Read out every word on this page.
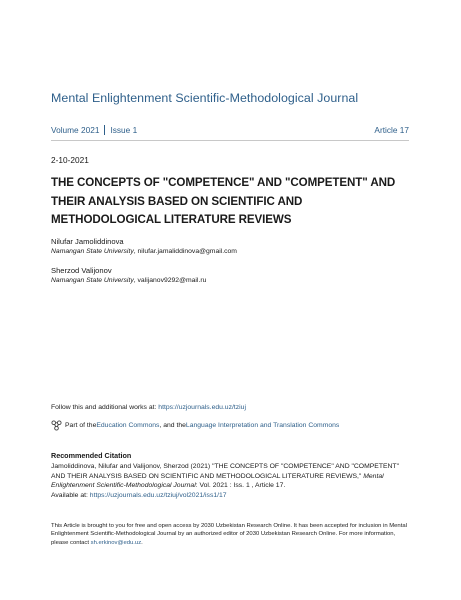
Mental Enlightenment Scientific-Methodological Journal
Volume 2021 Issue 1	Article 17
2-10-2021
THE CONCEPTS OF "COMPETENCE" AND "COMPETENT" AND THEIR ANALYSIS BASED ON SCIENTIFIC AND METHODOLOGICAL LITERATURE REVIEWS
Nilufar Jamoliddinova
Namangan State University, nilufar.jamaliddinova@gmail.com
Sherzod Valijonov
Namangan State University, valijanov9292@mail.ru
Follow this and additional works at: https://uzjournals.edu.uz/tziuj
Part of the Education Commons , and the Language Interpretation and Translation Commons
Recommended Citation
Jamoliddinova, Nilufar and Valijonov, Sherzod (2021) "THE CONCEPTS OF "COMPETENCE" AND "COMPETENT" AND THEIR ANALYSIS BASED ON SCIENTIFIC AND METHODOLOGICAL LITERATURE REVIEWS," Mental Enlightenment Scientific-Methodological Journal: Vol. 2021 : Iss. 1 , Article 17.
Available at: https://uzjournals.edu.uz/tziuj/vol2021/iss1/17
This Article is brought to you for free and open access by 2030 Uzbekistan Research Online. It has been accepted for inclusion in Mental Enlightenment Scientific-Methodological Journal by an authorized editor of 2030 Uzbekistan Research Online. For more information, please contact sh.erkinov@edu.uz.
